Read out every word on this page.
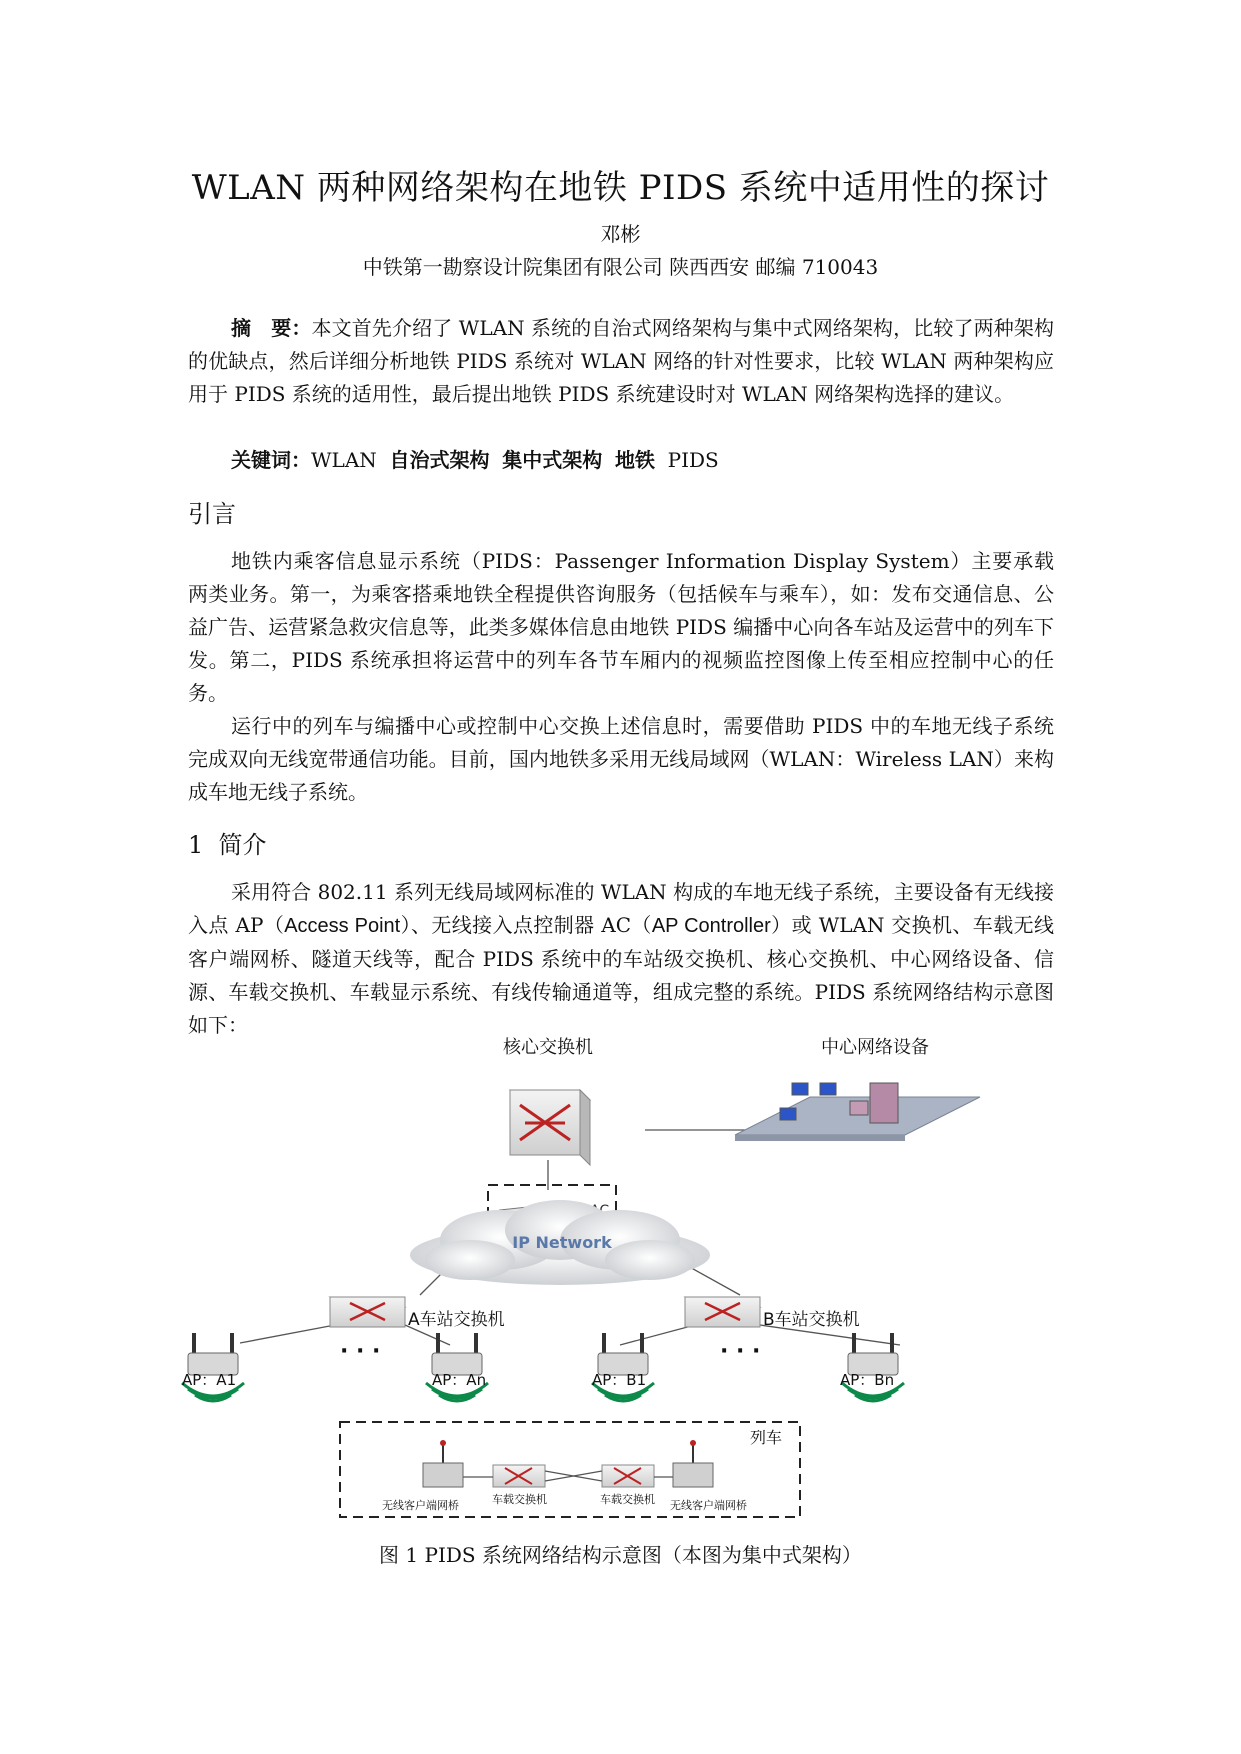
WLAN 两种网络架构在地铁 PIDS 系统中适用性的探讨
邓彬
中铁第一勘察设计院集团有限公司 陕西西安 邮编 710043

摘　要：本文首先介绍了 WLAN 系统的自治式网络架构与集中式网络架构，比较了两种架构的优缺点，然后详细分析地铁 PIDS 系统对 WLAN 网络的针对性要求，比较 WLAN 两种架构应用于 PIDS 系统的适用性，最后提出地铁 PIDS 系统建设时对 WLAN 网络架构选择的建议。

关键词：WLAN 自治式架构 集中式架构 地铁 PIDS

引言

地铁内乘客信息显示系统（PIDS：Passenger Information Display System）主要承载两类业务。第一，为乘客搭乘地铁全程提供咨询服务（包括候车与乘车），如：发布交通信息、公益广告、运营紧急救灾信息等，此类多媒体信息由地铁 PIDS 编播中心向各车站及运营中的列车下发。第二，PIDS 系统承担将运营中的列车各节车厢内的视频监控图像上传至相应控制中心的任务。

运行中的列车与编播中心或控制中心交换上述信息时，需要借助 PIDS 中的车地无线子系统完成双向无线宽带通信功能。目前，国内地铁多采用无线局域网（WLAN：Wireless LAN）来构成车地无线子系统。

1 简介

采用符合 802.11 系列无线局域网标准的 WLAN 构成的车地无线子系统，主要设备有无线接入点 AP（Access Point）、无线接入点控制器 AC（AP Controller）或 WLAN 交换机、车载无线客户端网桥、隧道天线等，配合 PIDS 系统中的车站级交换机、核心交换机、中心网络设备、信源、车载交换机、车载显示系统、有线传输通道等，组成完整的系统。PIDS 系统网络结构示意图如下：

核心交换机	中心网络设备
IP Network
A车站交换机	B车站交换机
AP：A1	AP：An	AP：B1	AP：Bn
· · ·	· · ·
列车
无线客户端网桥	车载交换机	车载交换机 无线客户端网桥
图 1 PIDS 系统网络结构示意图（本图为集中式架构）
